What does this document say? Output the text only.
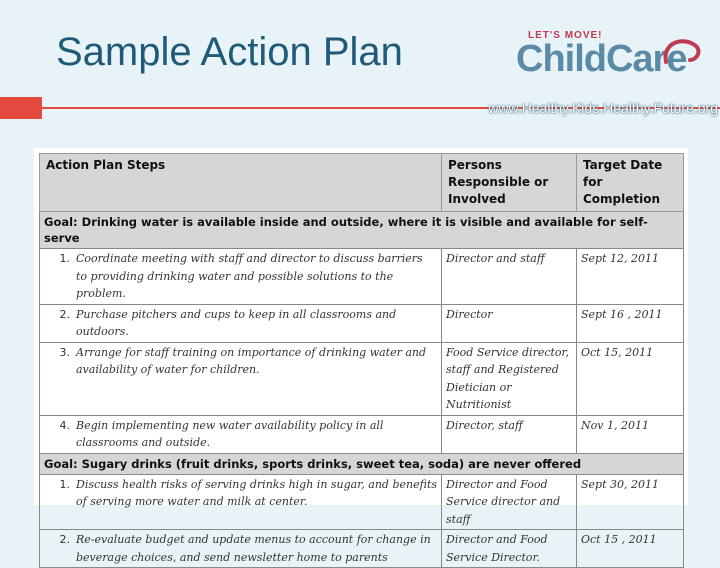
Sample Action Plan	LET'S MOVE!
ChildCare
www.Healthy.Kids.Healthy.Future.org
Action Plan Steps	Persons Responsible or Involved	Target Date for Completion
Goal: Drinking water is available inside and outside, where it is visible and available for self-serve		

1. Coordinate meeting with staff and director to discuss barriers to providing drinking water and possible solutions to the problem.	Director and staff	Sept 12, 2011

2. Purchase pitchers and cups to keep in all classrooms and outdoors.	Director	Sept 16 , 2011

3. Arrange for staff training on importance of drinking water and availability of water for children.	Food Service director, staff and Registered Dietician or Nutritionist	Oct 15, 2011

4. Begin implementing new water availability policy in all classrooms and outside.	Director, staff	Nov 1, 2011
Goal: Sugary drinks (fruit drinks, sports drinks, sweet tea, soda) are never offered		

1. Discuss health risks of serving drinks high in sugar, and benefits of serving more water and milk at center.	Director and Food Service director and staff	Sept 30, 2011

2. Re-evaluate budget and update menus to account for change in beverage choices, and send newsletter home to parents	Director and Food Service Director.	Oct 15 , 2011
